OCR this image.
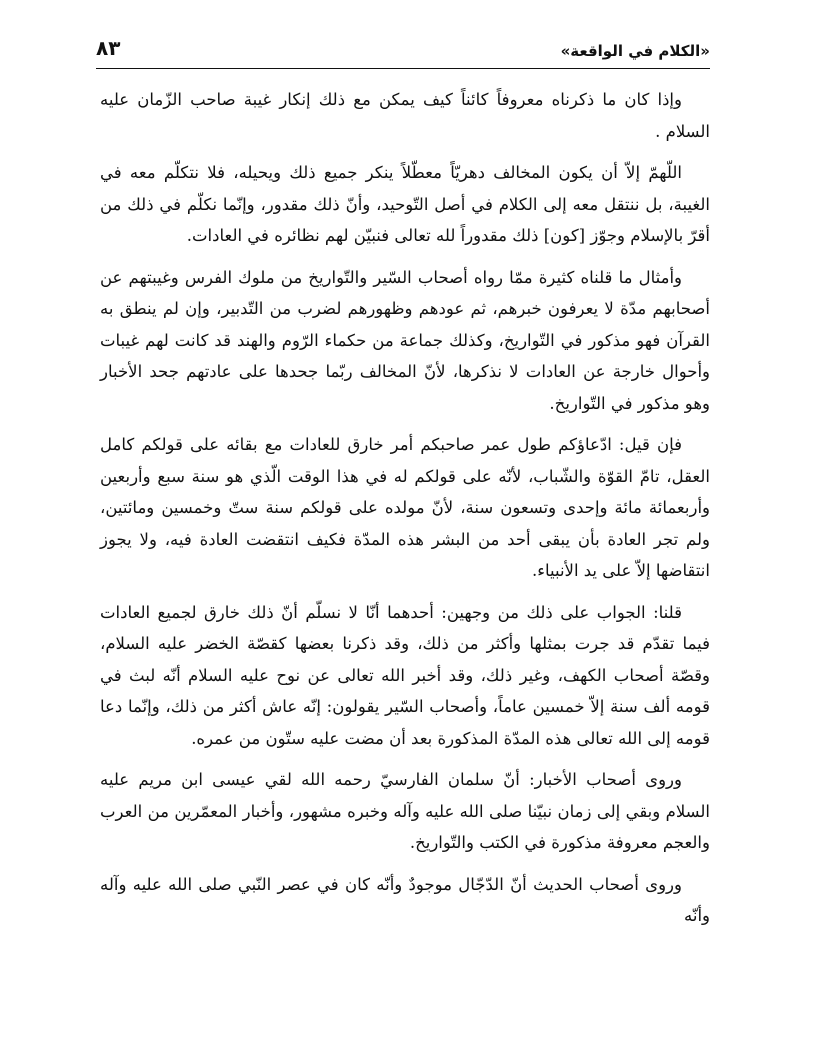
«الكلام في الواقعة»
٨٣

وإذا كان ما ذكرناه معروفاً كائناً كيف يمكن مع ذلك إنكار غيبة صاحب الزّمان عليه السلام .

اللّهمّ إلاّ أن يكون المخالف دهريّاً معطّلاً ينكر جميع ذلك ويحيله، فلا نتكلّم معه في الغيبة، بل ننتقل معه إلى الكلام في أصل التّوحيد، وأنّ ذلك مقدور، وإنّما نكلّم في ذلك من أقرّ بالإسلام وجوّز [كون] ذلك مقدوراً لله تعالى فنبيّن لهم نظائره في العادات.

وأمثال ما قلناه كثيرة ممّا رواه أصحاب السّير والتّواريخ من ملوك الفرس وغيبتهم عن أصحابهم مدّة لا يعرفون خبرهم، ثم عودهم وظهورهم لضرب من التّدبير، وإن لم ينطق به القرآن فهو مذكور في التّواريخ، وكذلك جماعة من حكماء الرّوم والهند قد كانت لهم غيبات وأحوال خارجة عن العادات لا نذكرها، لأنّ المخالف ربّما جحدها على عادتهم جحد الأخبار وهو مذكور في التّواريخ.

فإن قيل: ادّعاؤكم طول عمر صاحبكم أمر خارق للعادات مع بقائه على قولكم كامل العقل، تامّ القوّة والشّباب، لأنّه على قولكم له في هذا الوقت الّذي هو سنة سبع وأربعين وأربعمائة مائة وإحدى وتسعون سنة، لأنّ مولده على قولكم سنة ستّ وخمسين ومائتين، ولم تجر العادة بأن يبقى أحد من البشر هذه المدّة فكيف انتقضت العادة فيه، ولا يجوز انتقاضها إلاّ على يد الأنبياء.

قلنا: الجواب على ذلك من وجهين: أحدهما أنّا لا نسلّم أنّ ذلك خارق لجميع العادات فيما تقدّم قد جرت بمثلها وأكثر من ذلك، وقد ذكرنا بعضها كقصّة الخضر عليه السلام، وقصّة أصحاب الكهف، وغير ذلك، وقد أخبر الله تعالى عن نوح عليه السلام أنّه لبث في قومه ألف سنة إلاّ خمسين عاماً، وأصحاب السّير يقولون: إنّه عاش أكثر من ذلك، وإنّما دعا قومه إلى الله تعالى هذه المدّة المذكورة بعد أن مضت عليه ستّون من عمره.

وروى أصحاب الأخبار: أنّ سلمان الفارسيّ رحمه الله لقي عيسى ابن مريم عليه السلام وبقي إلى زمان نبيّنا صلى الله عليه وآله وخبره مشهور، وأخبار المعمّرين من العرب والعجم معروفة مذكورة في الكتب والتّواريخ.

وروى أصحاب الحديث أنّ الدّجّال موجودٌ وأنّه كان في عصر النّبي صلى الله عليه وآله وأنّه
